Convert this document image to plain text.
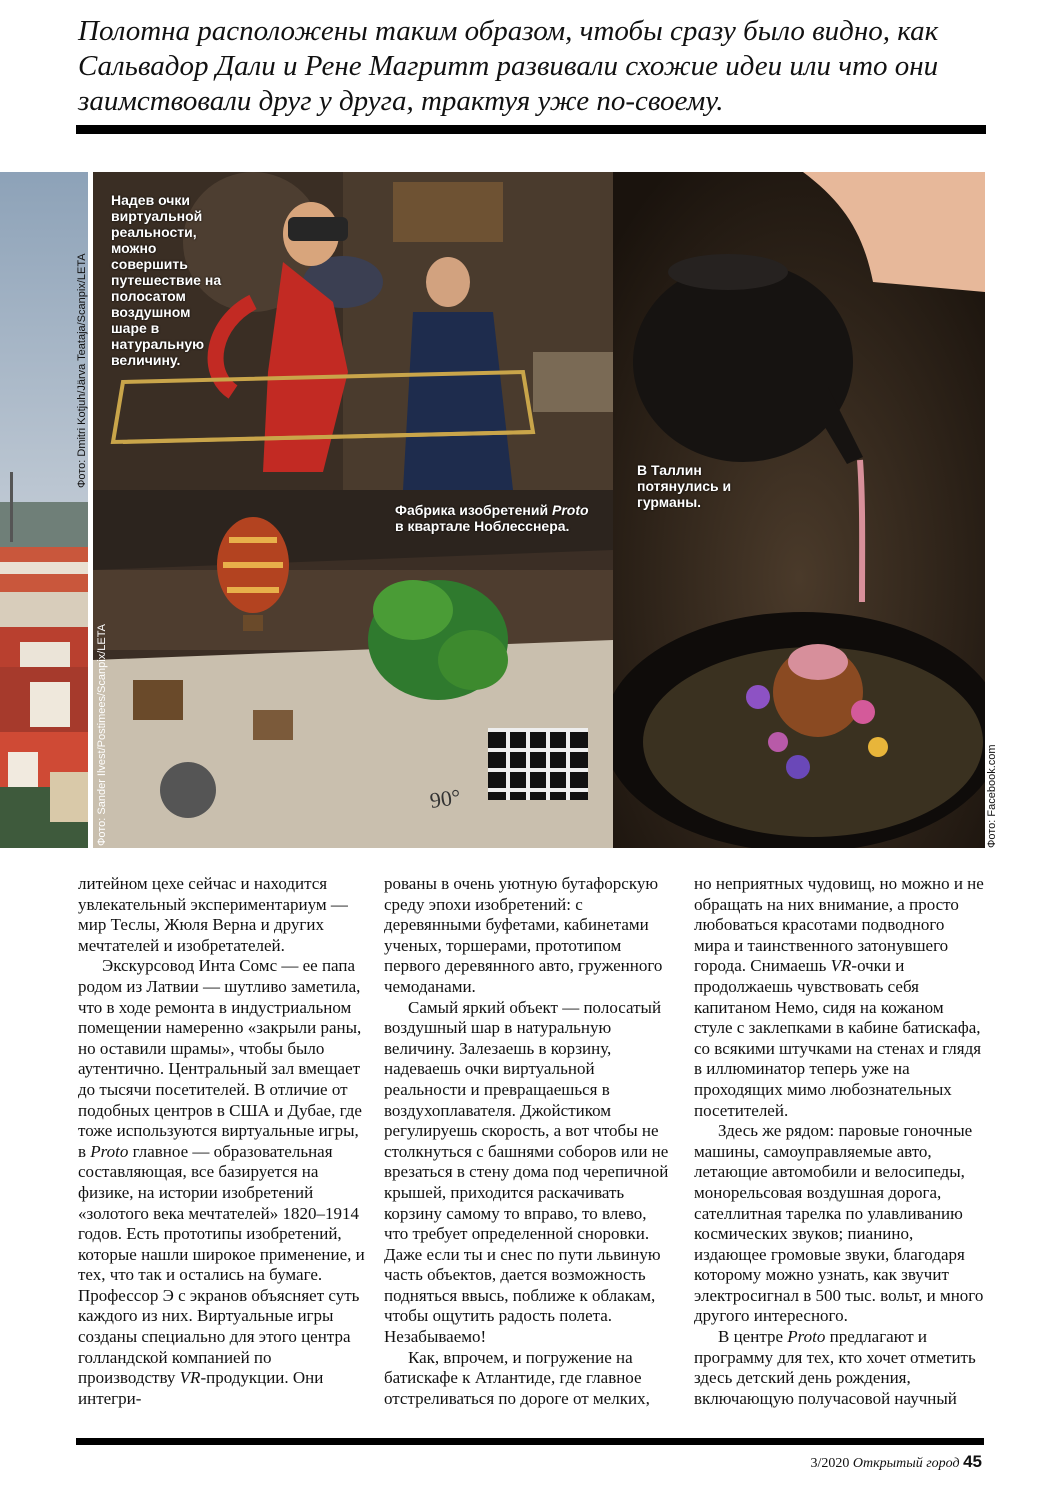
Полотна расположены таким образом, чтобы сразу было видно, как Сальвадор Дали и Рене Магритт развивали схожие идеи или что они заимствовали друг у друга, трактуя уже по-своему.
Надев очки виртуальной реальности, можно совершить путешествие на полосатом воздушном шаре в натуральную величину.
90°
Фабрика изобретений Proto
в квартале Ноблесснера.
В Таллин потянулись и гурманы.
Фото: Dmitri Kotjuh/Järva Teataja/Scanpix/LETA
Фото: Sander Ilvest/Postimees/Scanpix/LETA	Фото: Facebook.com

литейном цехе сейчас и находится увлекательный экспериментариум — мир Теслы, Жюля Верна и других мечтателей и изобретателей.

Экскурсовод Инта Сомс — ее папа родом из Латвии — шутливо заметила, что в ходе ремонта в индустриальном помещении намеренно «закрыли раны, но оставили шрамы», чтобы было аутентично. Центральный зал вмещает до тысячи посетителей. В отличие от подобных центров в США и Дубае, где тоже используются виртуальные игры, в Proto главное — образовательная составляющая, все базируется на физике, на истории изобретений «золотого века мечтателей» 1820–1914 годов. Есть прототипы изобретений, которые нашли широкое применение, и тех, что так и остались на бумаге. Профессор Э с экранов объясняет суть каждого из них. Виртуальные игры созданы специально для этого центра голландской компанией по производству VR-продукции. Они интегри-

рованы в очень уютную бутафорскую среду эпохи изобретений: с деревянными буфетами, кабинетами ученых, торшерами, прототипом первого деревянного авто, груженного чемоданами.

Самый яркий объект — полосатый воздушный шар в натуральную величину. Залезаешь в корзину, надеваешь очки виртуальной реальности и превращаешься в воздухоплавателя. Джойстиком регулируешь скорость, а вот чтобы не столкнуться с башнями соборов или не врезаться в стену дома под черепичной крышей, приходится раскачивать корзину самому то вправо, то влево, что требует определенной сноровки. Даже если ты и снес по пути львиную часть объектов, дается возможность подняться ввысь, поближе к облакам, чтобы ощутить радость полета. Незабываемо!

Как, впрочем, и погружение на батискафе к Атлантиде, где главное отстреливаться по дороге от мелких,

но неприятных чудовищ, но можно и не обращать на них внимание, а просто любоваться красотами подводного мира и таинственного затонувшего города. Снимаешь VR-очки и продолжаешь чувствовать себя капитаном Немо, сидя на кожаном стуле с заклепками в кабине батискафа, со всякими штучками на стенах и глядя в иллюминатор теперь уже на проходящих мимо любознательных посетителей.

Здесь же рядом: паровые гоночные машины, самоуправляемые авто, летающие автомобили и велосипеды, монорельсовая воздушная дорога, сателлитная тарелка по улавливанию космических звуков; пианино, издающее громовые звуки, благодаря которому можно узнать, как звучит электросигнал в 500 тыс. вольт, и много другого интересного.

В центре Proto предлагают и программу для тех, кто хочет отметить здесь детский день рождения, включающую получасовой научный

3/2020 Открытый город 45
